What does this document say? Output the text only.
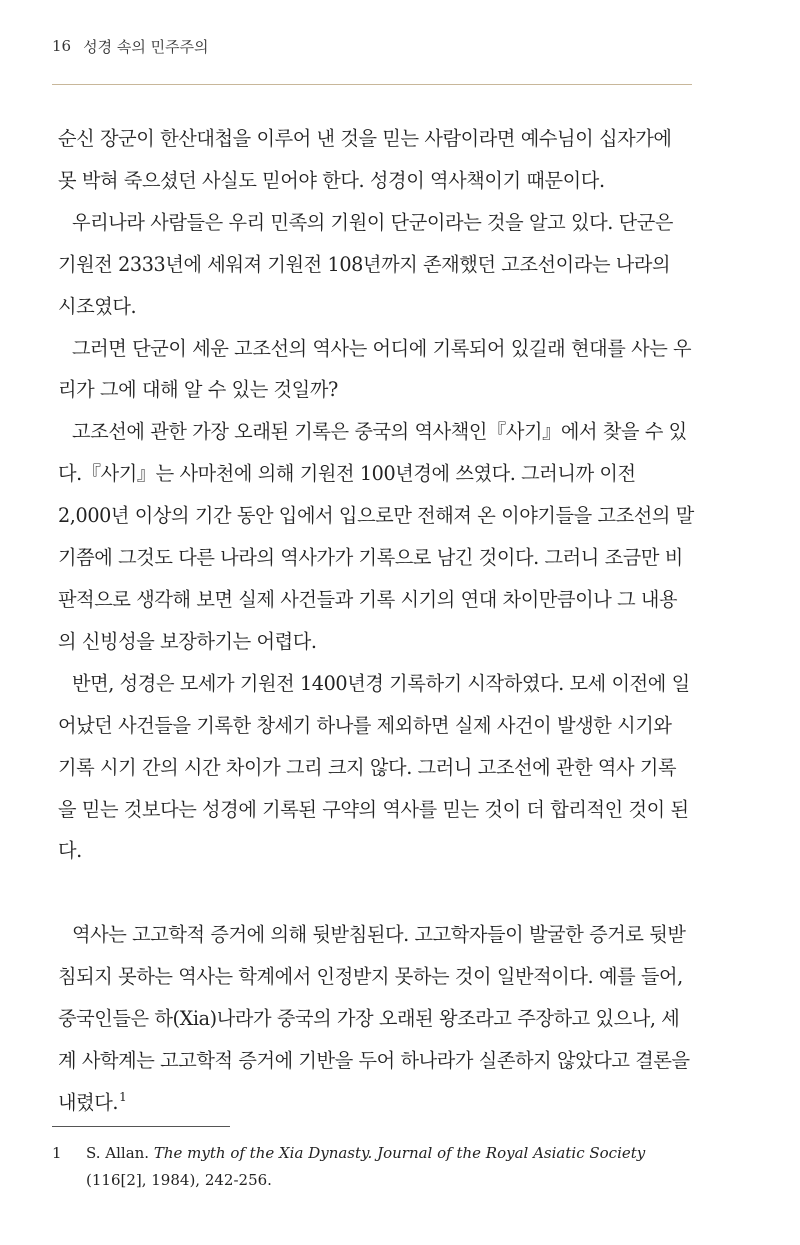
16 성경 속의 민주주의

순신 장군이 한산대첩을 이루어 낸 것을 믿는 사람이라면 예수님이 십자가에 못 박혀 죽으셨던 사실도 믿어야 한다. 성경이 역사책이기 때문이다.

우리나라 사람들은 우리 민족의 기원이 단군이라는 것을 알고 있다. 단군은 기원전 2333년에 세워져 기원전 108년까지 존재했던 고조선이라는 나라의 시조였다.

그러면 단군이 세운 고조선의 역사는 어디에 기록되어 있길래 현대를 사는 우리가 그에 대해 알 수 있는 것일까?

고조선에 관한 가장 오래된 기록은 중국의 역사책인『사기』에서 찾을 수 있다.『사기』는 사마천에 의해 기원전 100년경에 쓰였다. 그러니까 이전 2,000년 이상의 기간 동안 입에서 입으로만 전해져 온 이야기들을 고조선의 말기쯤에 그것도 다른 나라의 역사가가 기록으로 남긴 것이다. 그러니 조금만 비판적으로 생각해 보면 실제 사건들과 기록 시기의 연대 차이만큼이나 그 내용의 신빙성을 보장하기는 어렵다.

반면, 성경은 모세가 기원전 1400년경 기록하기 시작하였다. 모세 이전에 일어났던 사건들을 기록한 창세기 하나를 제외하면 실제 사건이 발생한 시기와 기록 시기 간의 시간 차이가 그리 크지 않다. 그러니 고조선에 관한 역사 기록을 믿는 것보다는 성경에 기록된 구약의 역사를 믿는 것이 더 합리적인 것이 된다.

역사는 고고학적 증거에 의해 뒷받침된다. 고고학자들이 발굴한 증거로 뒷받침되지 못하는 역사는 학계에서 인정받지 못하는 것이 일반적이다. 예를 들어, 중국인들은 하(Xia)나라가 중국의 가장 오래된 왕조라고 주장하고 있으나, 세계 사학계는 고고학적 증거에 기반을 두어 하나라가 실존하지 않았다고 결론을 내렸다.$^1$

1	S. Allan. The myth of the Xia Dynasty. Journal of the Royal Asiatic Society (116[2], 1984), 242-256.
